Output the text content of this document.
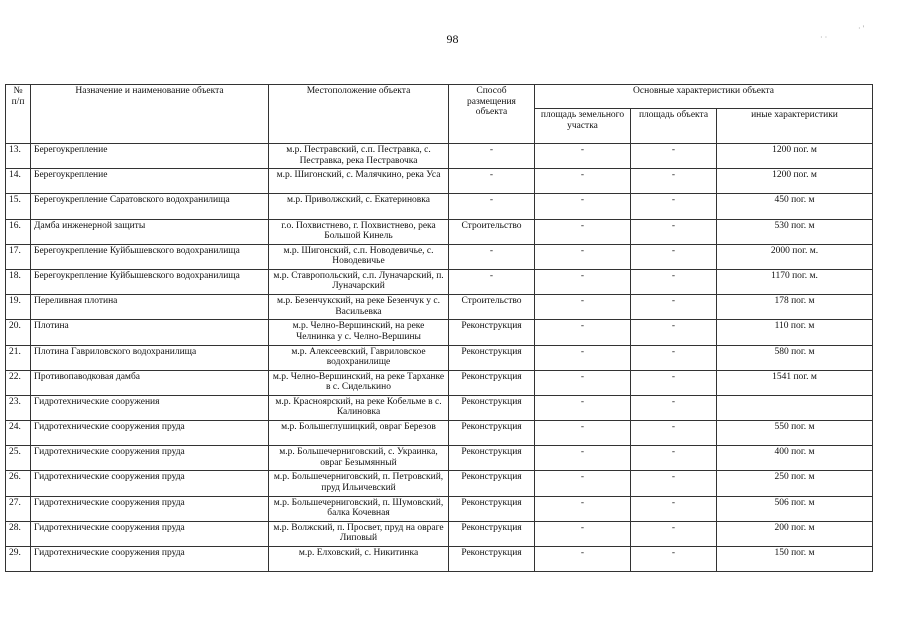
98	· ·
· '
№ п/п	Назначение и наименование объекта	Местоположение объекта	Способ размещения объекта	Основные характеристики объекта		
				площадь земельного участка	площадь объекта	иные характеристики
13.	Берегоукрепление	м.р. Пестравский, с.п. Пестравка, с. Пестравка, река Пестравочка	-	-	-	1200 пог. м
14.	Берегоукрепление	м.р. Шигонский, с. Малячкино, река Уса	-	-	-	1200 пог. м
15.	Берегоукрепление Саратовского водохранилища	м.р. Приволжский, с. Екатериновка	-	-	-	450 пог. м
16.	Дамба инженерной защиты	г.о. Похвистнево, г. Похвистнево, река Большой Кинель	Строительство	-	-	530 пог. м
17.	Берегоукрепление Куйбышевского водохранилища	м.р. Шигонский, с.п. Новодевичье, с. Новодевичье	-	-	-	2000 пог. м.
18.	Берегоукрепление Куйбышевского водохранилища	м.р. Ставропольский, с.п. Луначарский, п. Луначарский	-	-	-	1170 пог. м.
19.	Переливная плотина	м.р. Безенчукский, на реке Безенчук у с. Васильевка	Строительство	-	-	178 пог. м
20.	Плотина	м.р. Челно-Вершинский, на реке Челнинка у с. Челно-Вершины	Реконструкция	-	-	110 пог. м
21.	Плотина Гавриловского водохранилища	м.р. Алексеевский, Гавриловское водохранилище	Реконструкция	-	-	580 пог. м
22.	Противопаводковая дамба	м.р. Челно-Вершинский, на реке Тарханке в с. Сиделькино	Реконструкция	-	-	1541 пог. м
23.	Гидротехнические сооружения	м.р. Красноярский, на реке Кобельме в с. Калиновка	Реконструкция	-	-	
24.	Гидротехнические сооружения пруда	м.р. Большеглушицкий, овраг Березов	Реконструкция	-	-	550 пог. м
25.	Гидротехнические сооружения пруда	м.р. Большечерниговский, с. Украинка, овраг Безымянный	Реконструкция	-	-	400 пог. м
26.	Гидротехнические сооружения пруда	м.р. Большечерниговский, п. Петровский, пруд Ильичевский	Реконструкция	-	-	250 пог. м
27.	Гидротехнические сооружения пруда	м.р. Большечерниговский, п. Шумовский, балка Кочевная	Реконструкция	-	-	506 пог. м
28.	Гидротехнические сооружения пруда	м.р. Волжский, п. Просвет, пруд на овраге Липовый	Реконструкция	-	-	200 пог. м
29.	Гидротехнические сооружения пруда	м.р. Елховский, с. Никитинка	Реконструкция	-	-	150 пог. м
